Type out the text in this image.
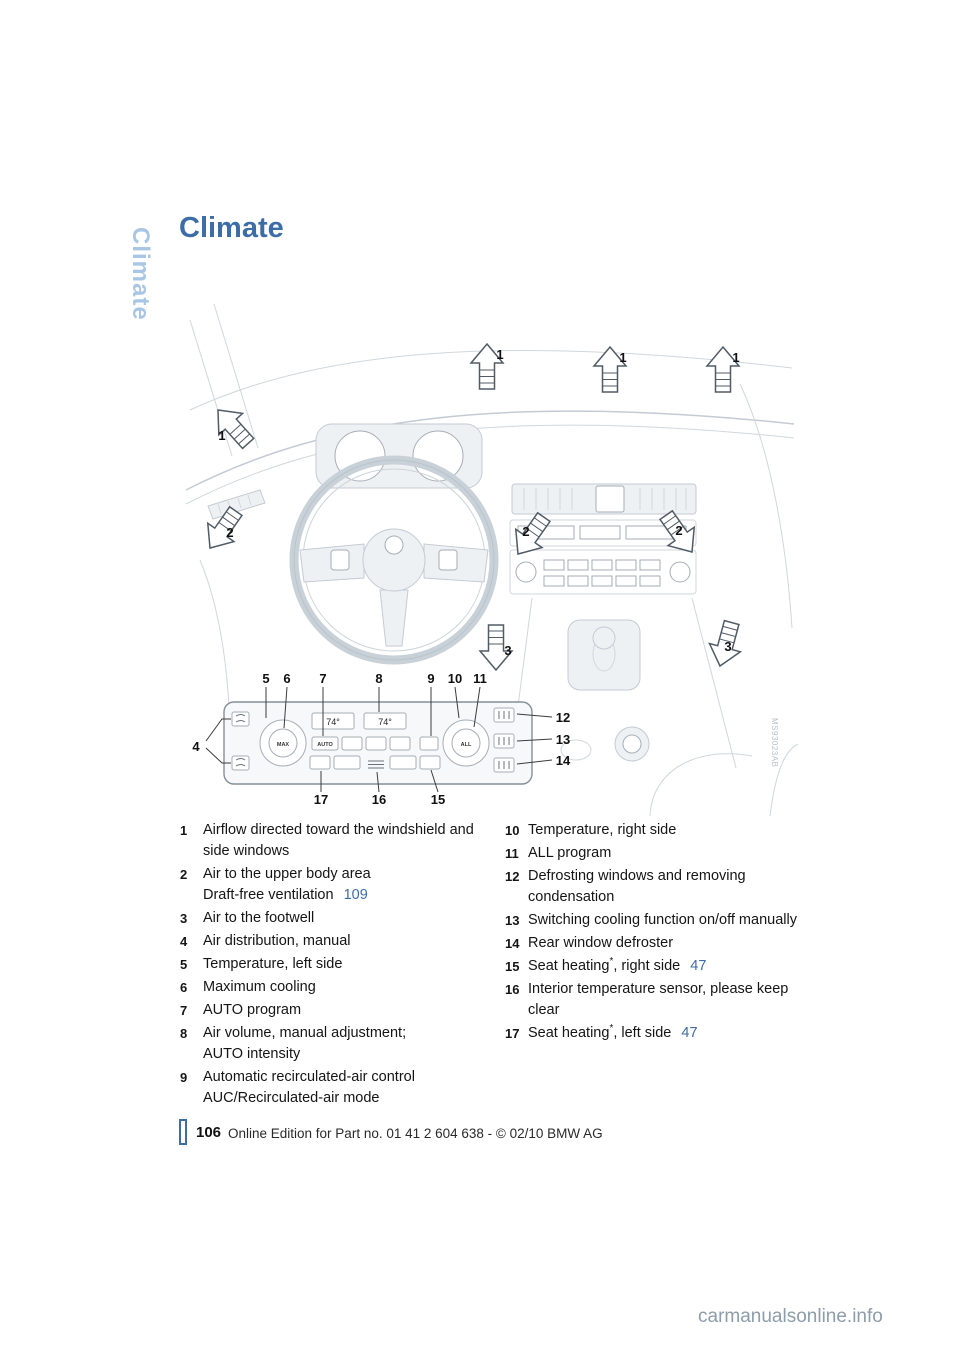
Climate Climate
MAX
74°	74°
AUTO	ALL
1	1	1
1
2	2	2
3	3
4
5 6 7	8	9 10 11
12
13
14
15
16
17
MS93023AB
1	Airflow directed toward the windshield and
side windows
2	Air to the upper body area
Draft-free ventilation 109
3	Air to the footwell
4	Air distribution, manual
5	Temperature, left side
6	Maximum cooling
7	AUTO program
8	Air volume, manual adjustment;
AUTO intensity
9	Automatic recirculated-air control
AUC/Recirculated-air mode
10 Temperature, right side
11 ALL program
12 Defrosting windows and removing
condensation
13 Switching cooling function on/off manually
14 Rear window defroster
15 Seat heating*, right side 47
16 Interior temperature sensor, please keep
clear
17 Seat heating*, left side 47
106 Online Edition for Part no. 01 41 2 604 638 - © 02/10 BMW AG
carmanualsonline.info
